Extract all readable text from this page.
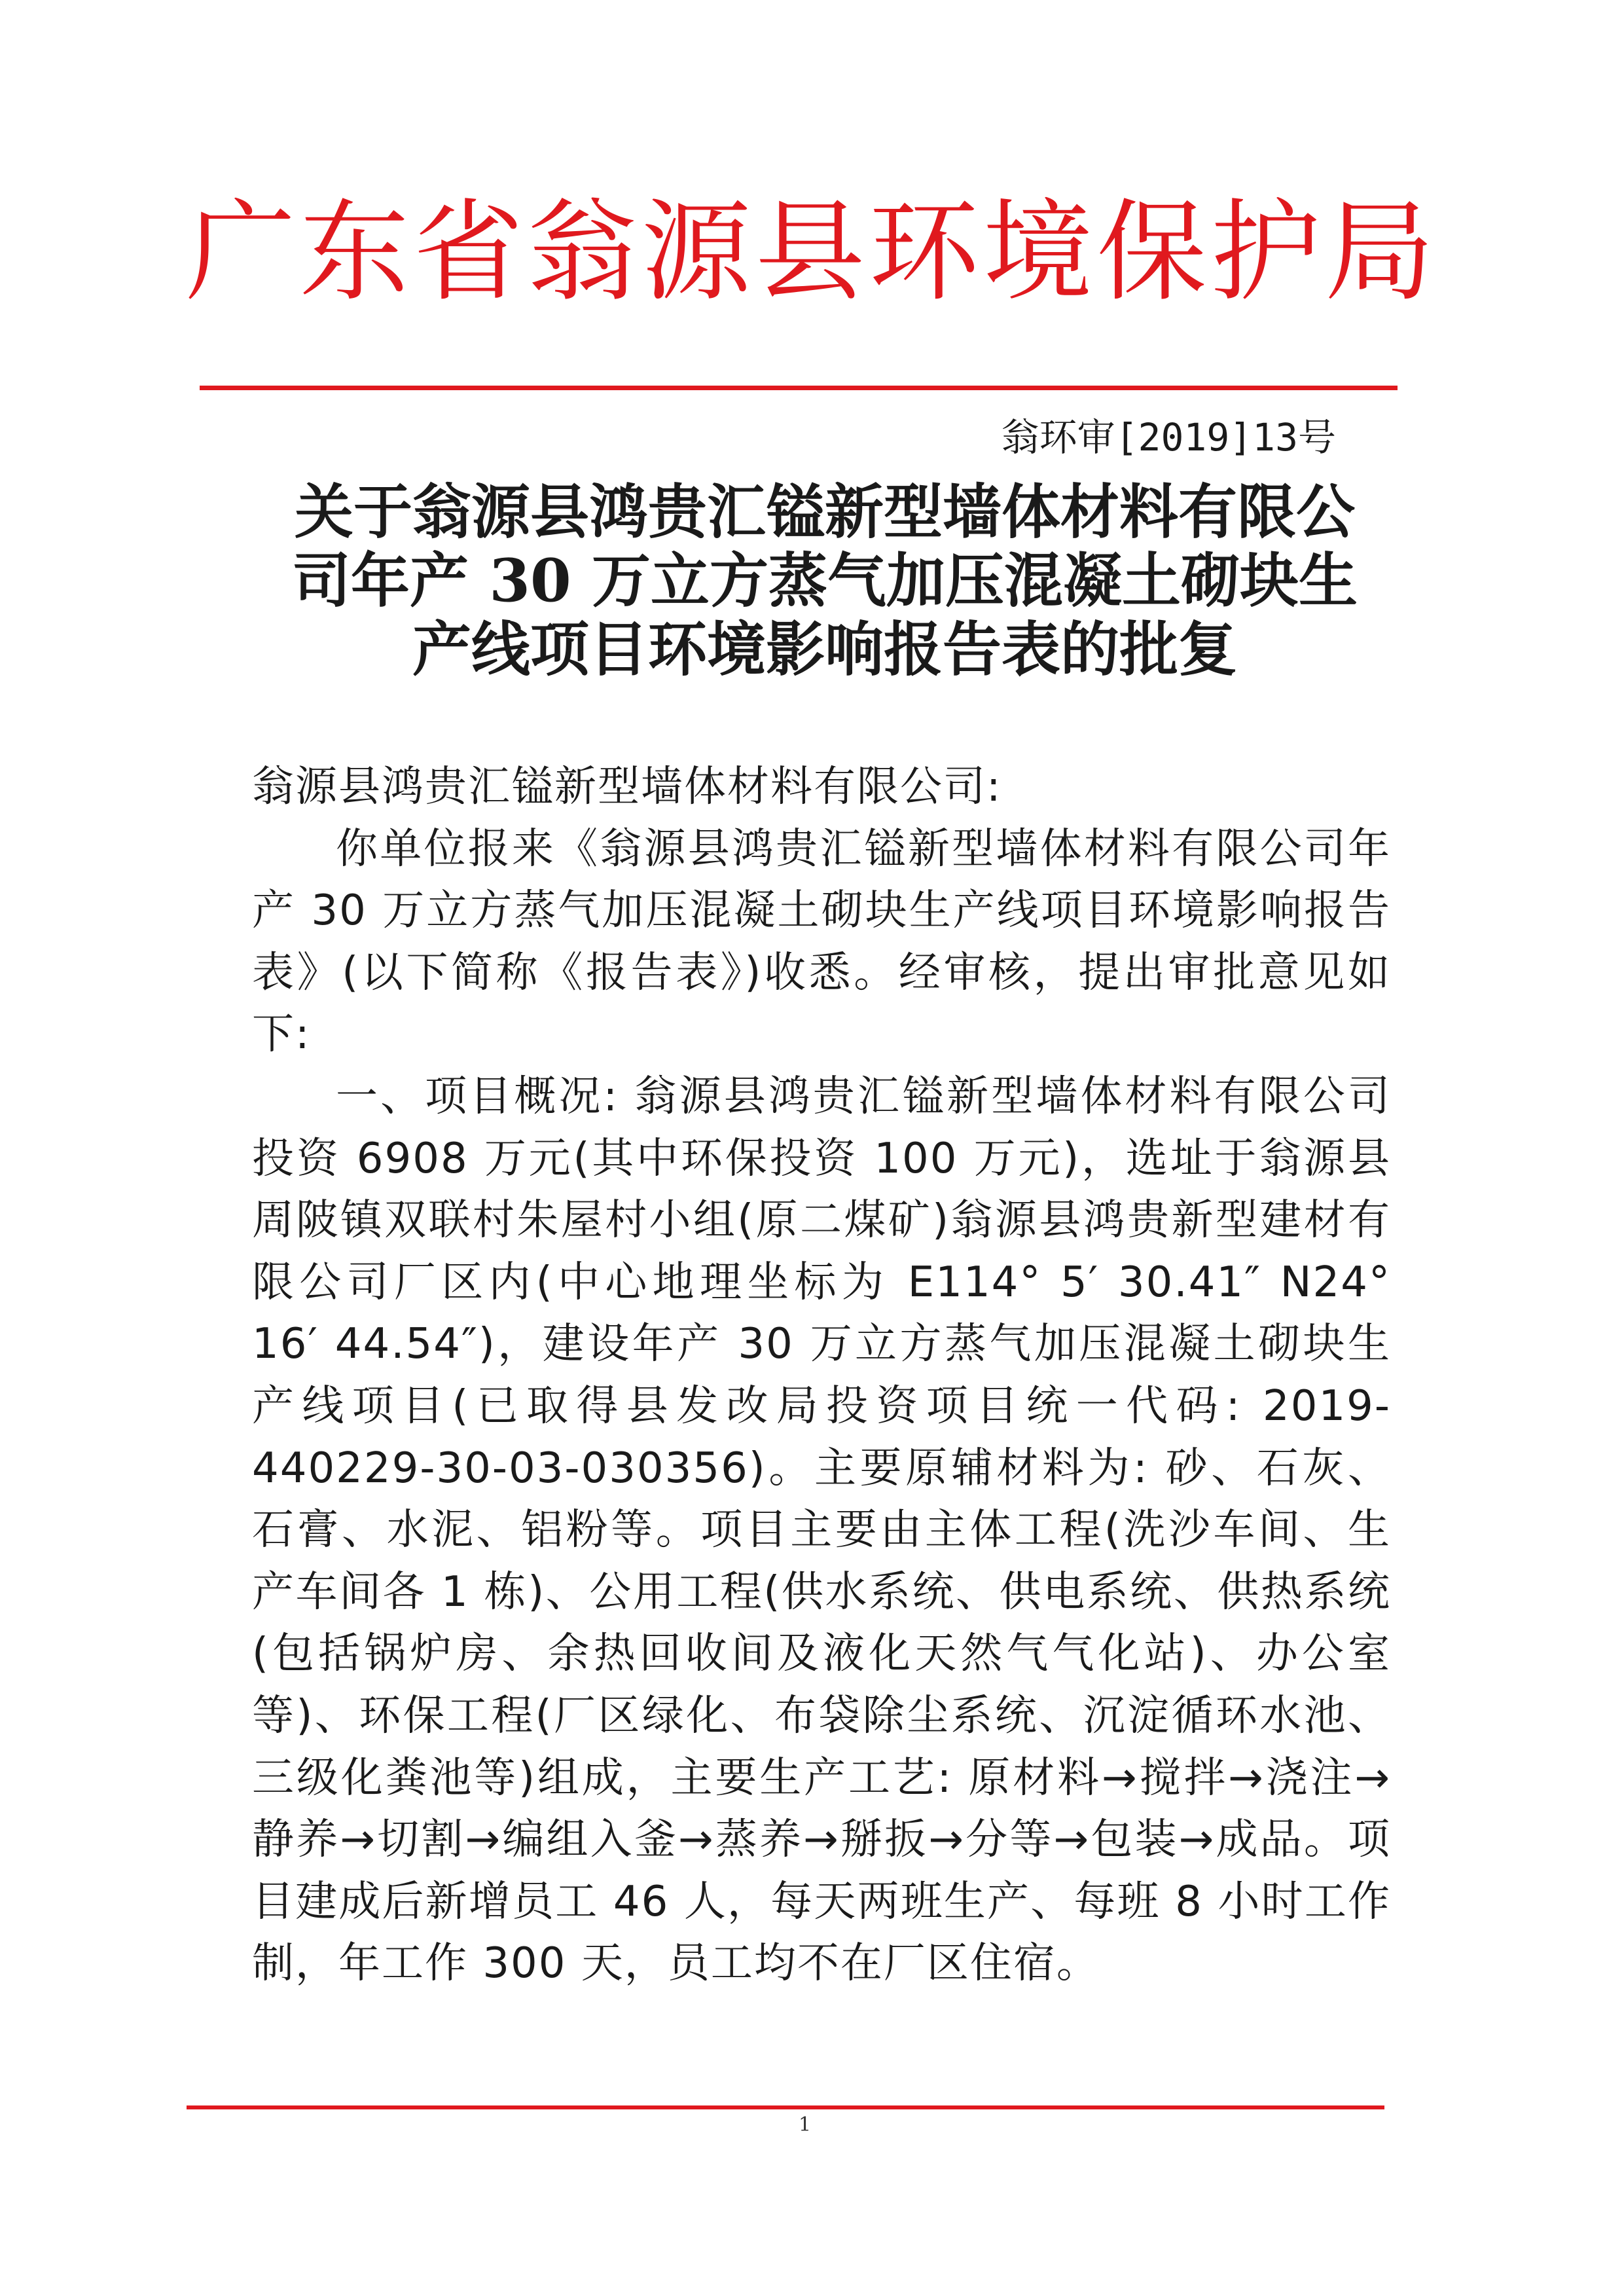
广东省翁源县环境保护局
翁环审[2019]13号
关于翁源县鸿贵汇镒新型墙体材料有限公
司年产 30 万立方蒸气加压混凝土砌块生
产线项目环境影响报告表的批复

翁源县鸿贵汇镒新型墙体材料有限公司:

你单位报来《翁源县鸿贵汇镒新型墙体材料有限公司年产 30 万立方蒸气加压混凝土砌块生产线项目环境影响报告表》(以下简称《报告表》)收悉。经审核，提出审批意见如下:

一、项目概况: 翁源县鸿贵汇镒新型墙体材料有限公司投资 6908 万元(其中环保投资 100 万元)，选址于翁源县周陂镇双联村朱屋村小组(原二煤矿)翁源县鸿贵新型建材有限公司厂区内(中心地理坐标为 E114° 5′ 30.41″ N24° 16′ 44.54″)，建设年产 30 万立方蒸气加压混凝土砌块生产线项目(已取得县发改局投资项目统一代码: 2019-440229-30-03-030356)。主要原辅材料为: 砂、石灰、石膏、水泥、铝粉等。项目主要由主体工程(洗沙车间、生产车间各 1 栋)、公用工程(供水系统、供电系统、供热系统(包括锅炉房、余热回收间及液化天然气气化站)、办公室等)、环保工程(厂区绿化、布袋除尘系统、沉淀循环水池、三级化粪池等)组成，主要生产工艺: 原材料→搅拌→浇注→静养→切割→编组入釜→蒸养→掰扳→分等→包装→成品。项目建成后新增员工 46 人，每天两班生产、每班 8 小时工作制，年工作 300 天，员工均不在厂区住宿。

1
